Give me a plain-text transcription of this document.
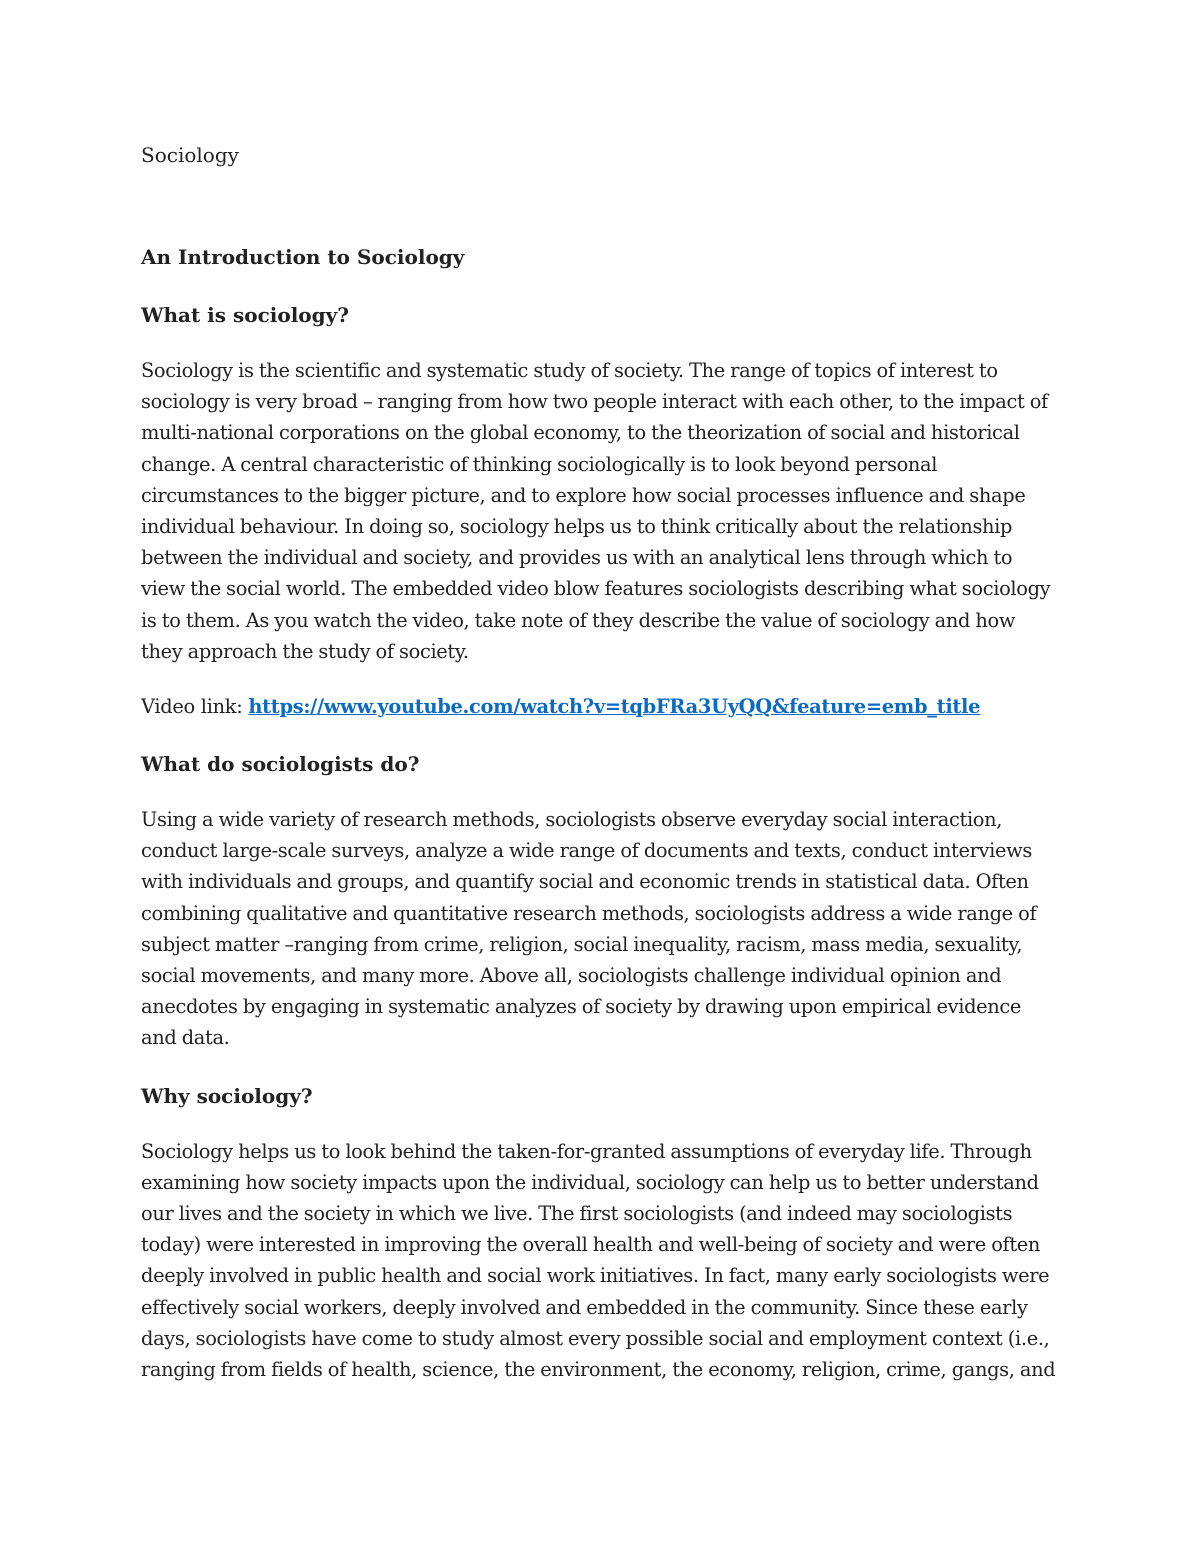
Sociology

An Introduction to Sociology
What is sociology?

Sociology is the scientific and systematic study of society. The range of topics of interest to sociology is very broad – ranging from how two people interact with each other, to the impact of multi-national corporations on the global economy, to the theorization of social and historical change. A central characteristic of thinking sociologically is to look beyond personal circumstances to the bigger picture, and to explore how social processes influence and shape individual behaviour. In doing so, sociology helps us to think critically about the relationship between the individual and society, and provides us with an analytical lens through which to view the social world. The embedded video blow features sociologists describing what sociology is to them. As you watch the video, take note of they describe the value of sociology and how they approach the study of society.

Video link: https://www.youtube.com/watch?v=tqbFRa3UyQQ&feature=emb_title

What do sociologists do?

Using a wide variety of research methods, sociologists observe everyday social interaction, conduct large-scale surveys, analyze a wide range of documents and texts, conduct interviews with individuals and groups, and quantify social and economic trends in statistical data. Often combining qualitative and quantitative research methods, sociologists address a wide range of subject matter –ranging from crime, religion, social inequality, racism, mass media, sexuality, social movements, and many more. Above all, sociologists challenge individual opinion and anecdotes by engaging in systematic analyzes of society by drawing upon empirical evidence and data.

Why sociology?

Sociology helps us to look behind the taken-for-granted assumptions of everyday life. Through examining how society impacts upon the individual, sociology can help us to better understand our lives and the society in which we live. The first sociologists (and indeed may sociologists today) were interested in improving the overall health and well-being of society and were often deeply involved in public health and social work initiatives. In fact, many early sociologists were effectively social workers, deeply involved and embedded in the community. Since these early days, sociologists have come to study almost every possible social and employment context (i.e., ranging from fields of health, science, the environment, the economy, religion, crime, gangs, and
